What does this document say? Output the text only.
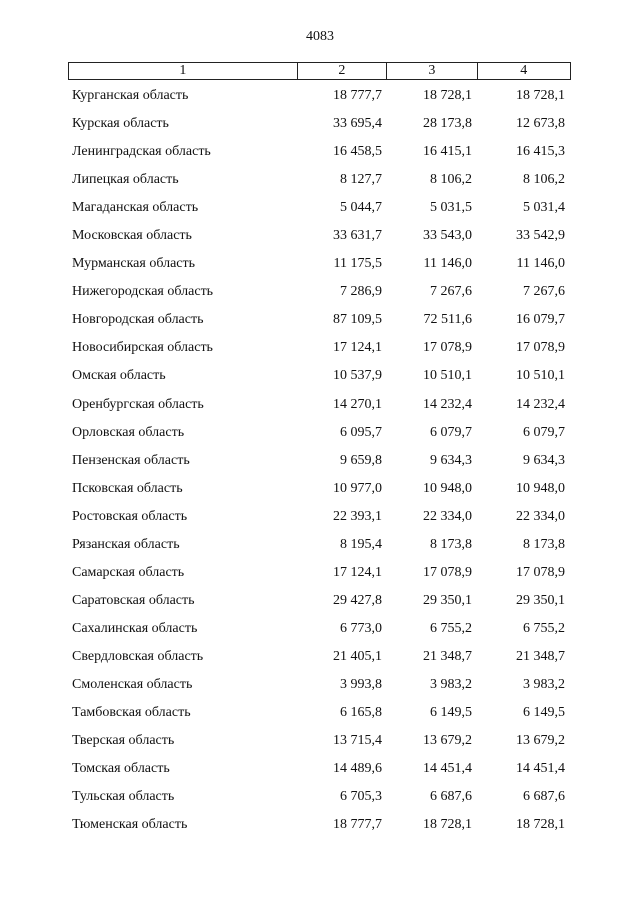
4083
1	2	3	4
Курганская область	18 777,7	18 728,1	18 728,1
Курская область	33 695,4	28 173,8	12 673,8
Ленинградская область	16 458,5	16 415,1	16 415,3
Липецкая область	8 127,7	8 106,2	8 106,2
Магаданская область	5 044,7	5 031,5	5 031,4
Московская область	33 631,7	33 543,0	33 542,9
Мурманская область	11 175,5	11 146,0	11 146,0
Нижегородская область	7 286,9	7 267,6	7 267,6
Новгородская область	87 109,5	72 511,6	16 079,7
Новосибирская область	17 124,1	17 078,9	17 078,9
Омская область	10 537,9	10 510,1	10 510,1
Оренбургская область	14 270,1	14 232,4	14 232,4
Орловская область	6 095,7	6 079,7	6 079,7
Пензенская область	9 659,8	9 634,3	9 634,3
Псковская область	10 977,0	10 948,0	10 948,0
Ростовская область	22 393,1	22 334,0	22 334,0
Рязанская область	8 195,4	8 173,8	8 173,8
Самарская область	17 124,1	17 078,9	17 078,9
Саратовская область	29 427,8	29 350,1	29 350,1
Сахалинская область	6 773,0	6 755,2	6 755,2
Свердловская область	21 405,1	21 348,7	21 348,7
Смоленская область	3 993,8	3 983,2	3 983,2
Тамбовская область	6 165,8	6 149,5	6 149,5
Тверская область	13 715,4	13 679,2	13 679,2
Томская область	14 489,6	14 451,4	14 451,4
Тульская область	6 705,3	6 687,6	6 687,6
Тюменская область	18 777,7	18 728,1	18 728,1
